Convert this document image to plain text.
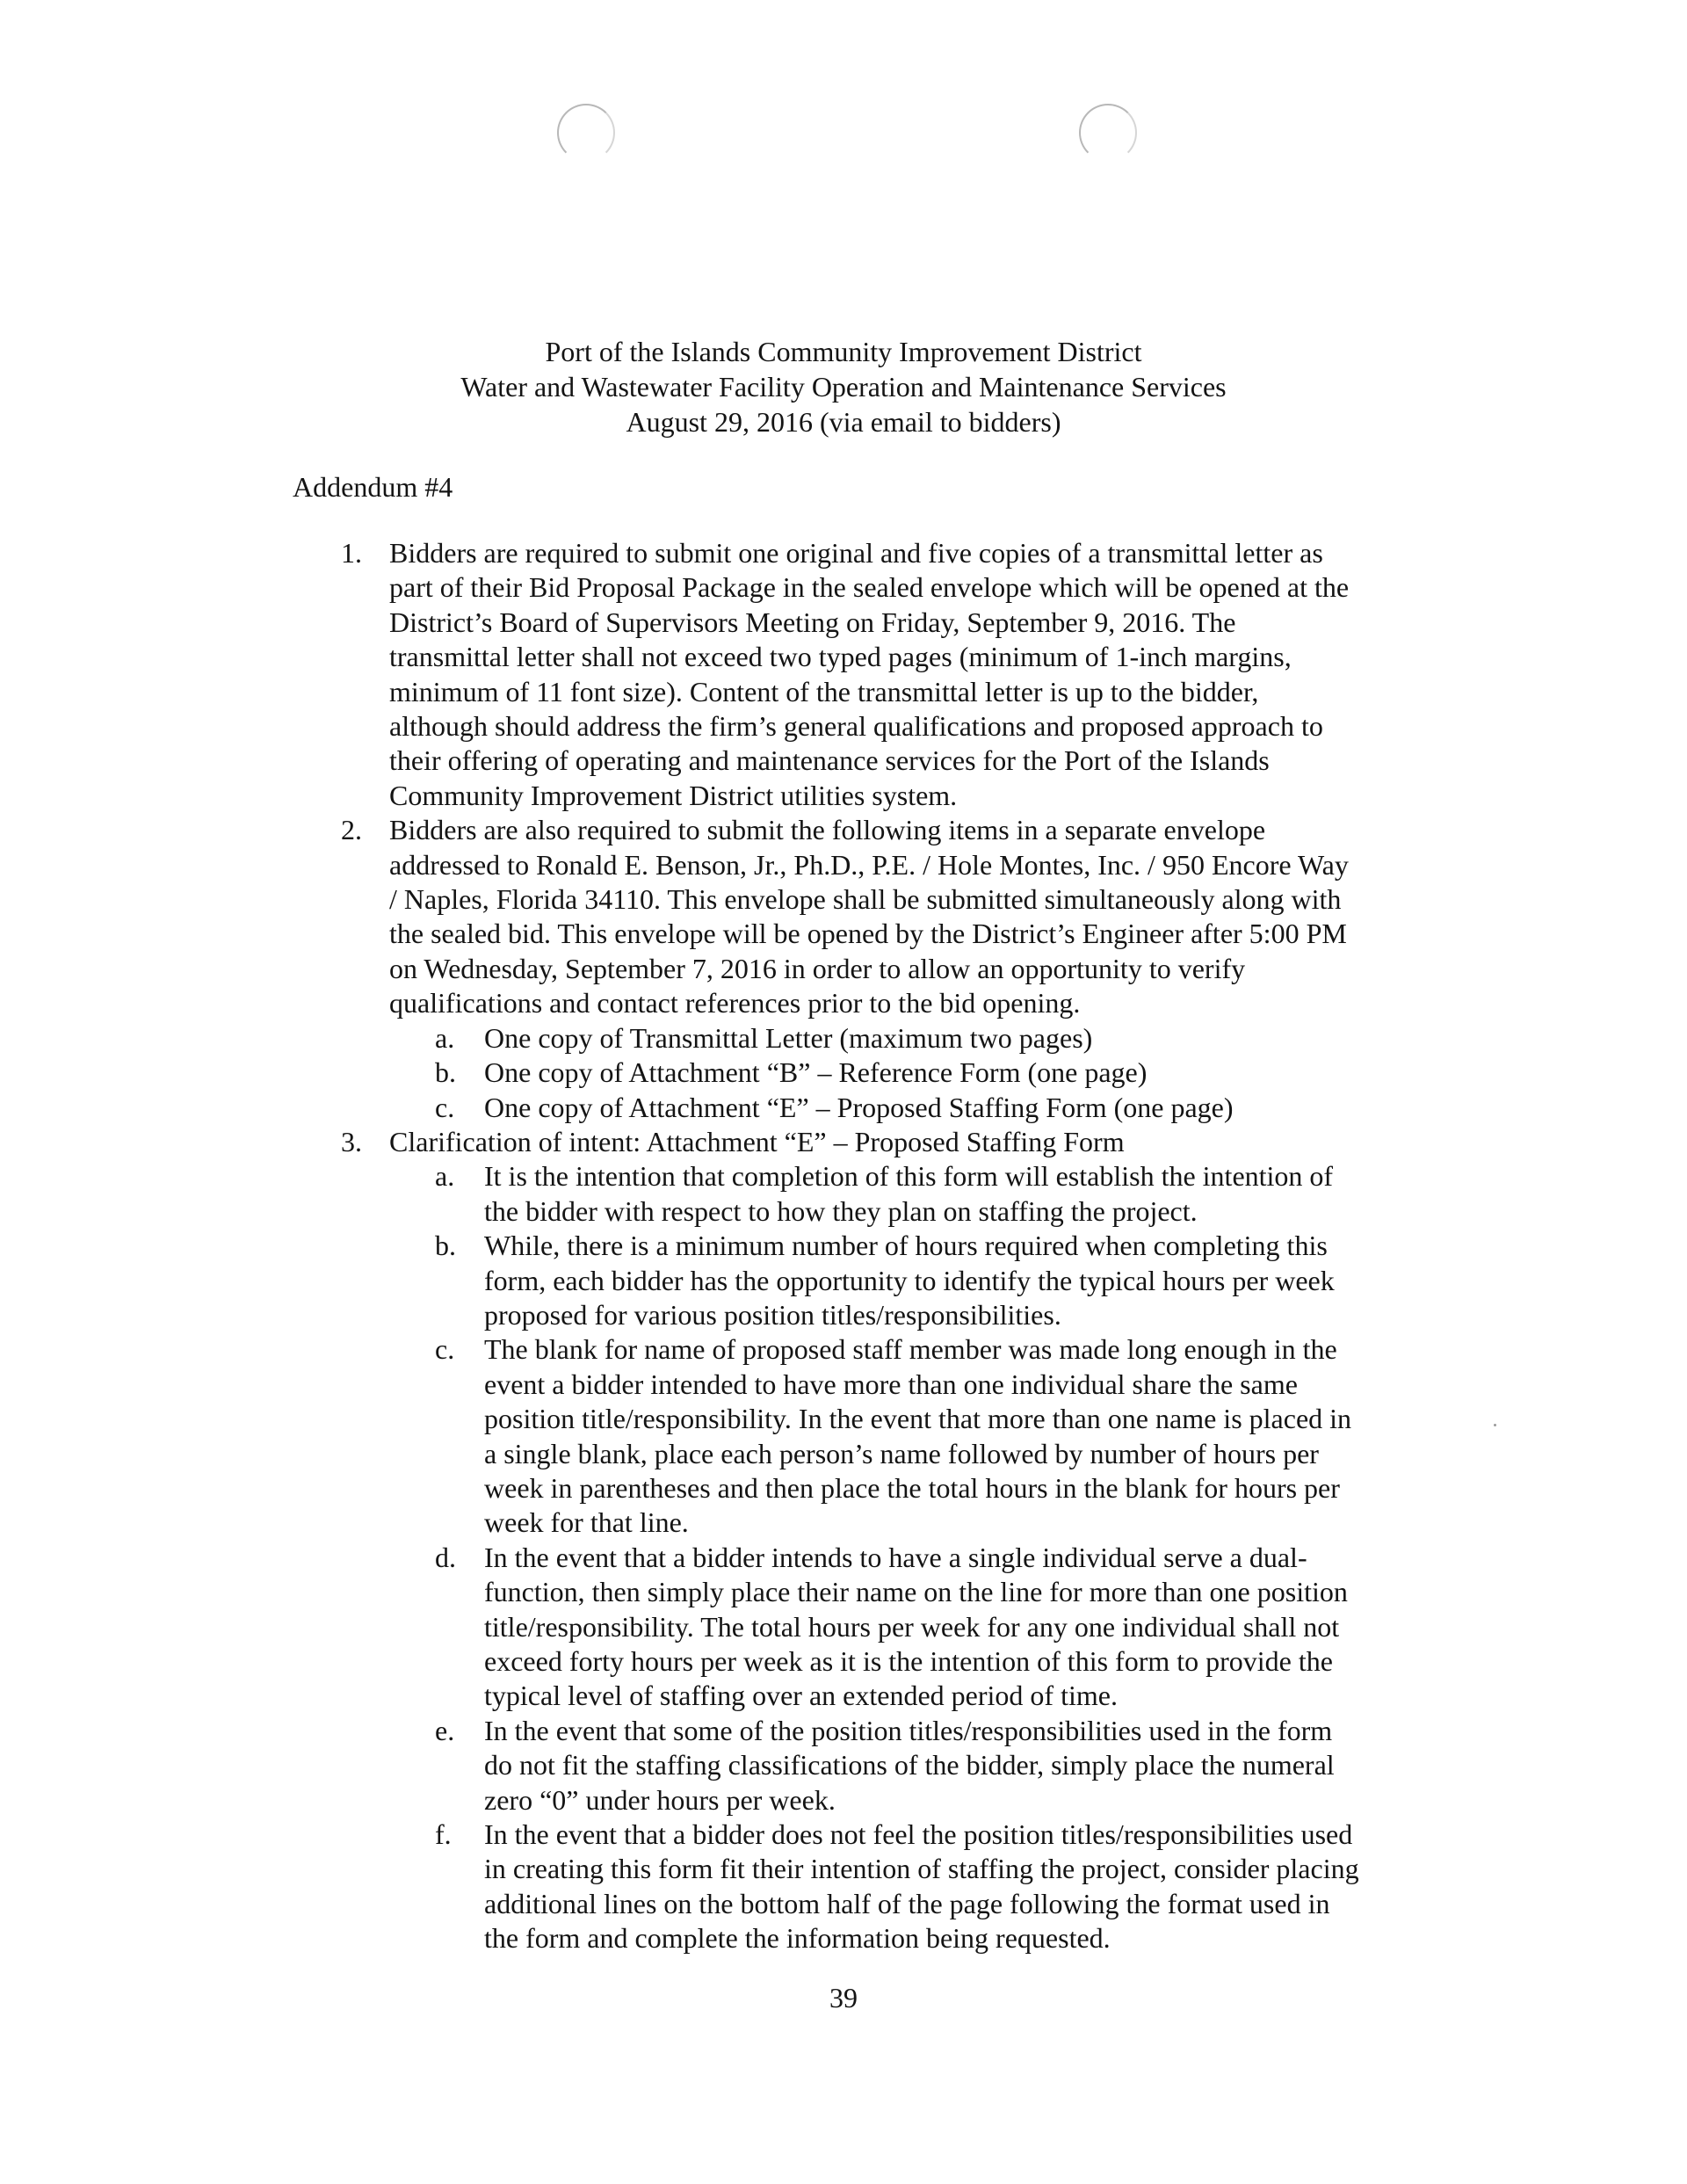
Port of the Islands Community Improvement District
Water and Wastewater Facility Operation and Maintenance Services
August 29, 2016 (via email to bidders)
Addendum #4
1. Bidders are required to submit one original and five copies of a transmittal letter as
part of their Bid Proposal Package in the sealed envelope which will be opened at the
District’s Board of Supervisors Meeting on Friday, September 9, 2016. The
transmittal letter shall not exceed two typed pages (minimum of 1-inch margins,
minimum of 11 font size). Content of the transmittal letter is up to the bidder,
although should address the firm’s general qualifications and proposed approach to
their offering of operating and maintenance services for the Port of the Islands
Community Improvement District utilities system.
2. Bidders are also required to submit the following items in a separate envelope
addressed to Ronald E. Benson, Jr., Ph.D., P.E. / Hole Montes, Inc. / 950 Encore Way
/ Naples, Florida 34110. This envelope shall be submitted simultaneously along with
the sealed bid. This envelope will be opened by the District’s Engineer after 5:00 PM
on Wednesday, September 7, 2016 in order to allow an opportunity to verify
qualifications and contact references prior to the bid opening.
a. One copy of Transmittal Letter (maximum two pages)
b. One copy of Attachment “B” – Reference Form (one page)
c. One copy of Attachment “E” – Proposed Staffing Form (one page)
3. Clarification of intent: Attachment “E” – Proposed Staffing Form
a. It is the intention that completion of this form will establish the intention of
the bidder with respect to how they plan on staffing the project.
b. While, there is a minimum number of hours required when completing this
form, each bidder has the opportunity to identify the typical hours per week
proposed for various position titles/responsibilities.
c. The blank for name of proposed staff member was made long enough in the
event a bidder intended to have more than one individual share the same
position title/responsibility. In the event that more than one name is placed in
a single blank, place each person’s name followed by number of hours per
week in parentheses and then place the total hours in the blank for hours per
week for that line.
d. In the event that a bidder intends to have a single individual serve a dual-
function, then simply place their name on the line for more than one position
title/responsibility. The total hours per week for any one individual shall not
exceed forty hours per week as it is the intention of this form to provide the
typical level of staffing over an extended period of time.
e. In the event that some of the position titles/responsibilities used in the form
do not fit the staffing classifications of the bidder, simply place the numeral
zero “0” under hours per week.
f. In the event that a bidder does not feel the position titles/responsibilities used
in creating this form fit their intention of staffing the project, consider placing
additional lines on the bottom half of the page following the format used in
the form and complete the information being requested.
39
